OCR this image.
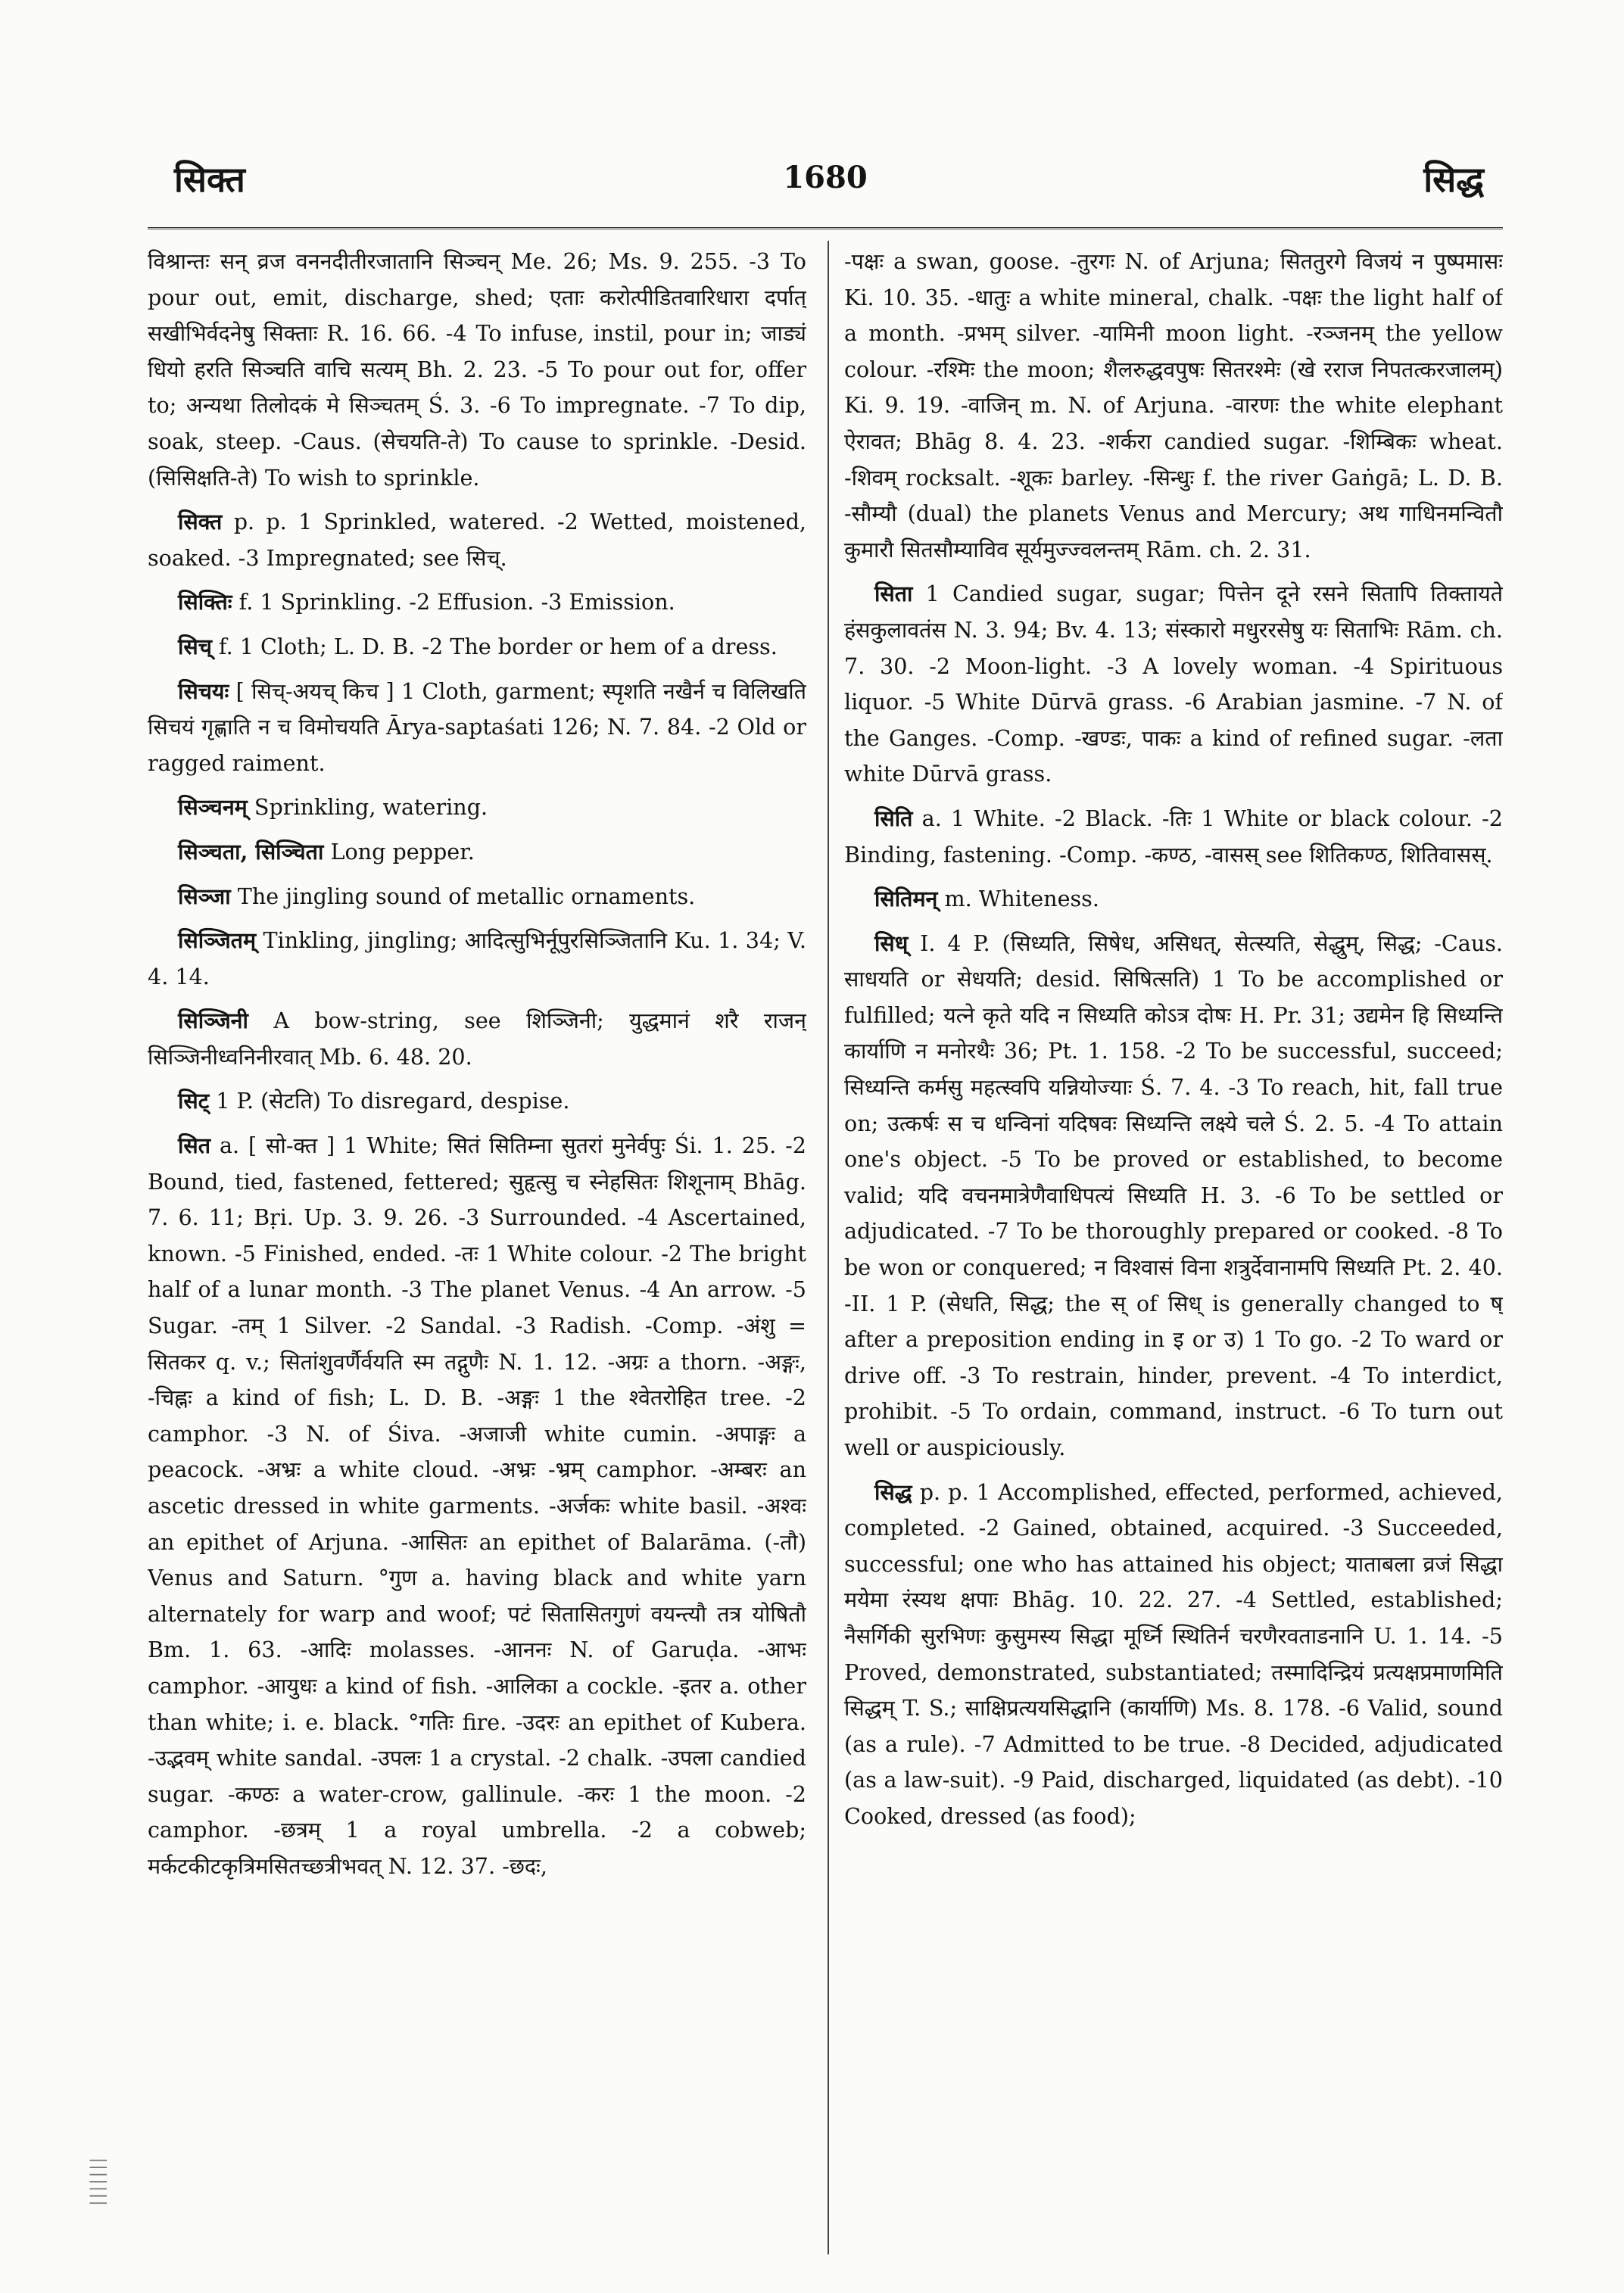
सिक्त	1680	सिद्ध

विश्रान्तः सन् व्रज वननदीतीरजातानि सिञ्चन् Me. 26; Ms. 9. 255. -3 To pour out, emit, discharge, shed; एताः करोत्पीडितवारिधारा दर्पात् सखीभिर्वदनेषु सिक्ताः R. 16. 66. -4 To infuse, instil, pour in; जाड्यं धियो हरति सिञ्चति वाचि सत्यम् Bh. 2. 23. -5 To pour out for, offer to; अन्यथा तिलोदकं मे सिञ्चतम् Ś. 3. -6 To impregnate. -7 To dip, soak, steep. -Caus. (सेचयति-ते) To cause to sprinkle. -Desid. (सिसिक्षति-ते) To wish to sprinkle.

सिक्त p. p. 1 Sprinkled, watered. -2 Wetted, moistened, soaked. -3 Impregnated; see सिच्.

सिक्तिः f. 1 Sprinkling. -2 Effusion. -3 Emission.

सिच् f. 1 Cloth; L. D. B. -2 The border or hem of a dress.

सिचयः [ सिच्-अयच् किच ] 1 Cloth, garment; स्पृशति नखैर्न च विलिखति सिचयं गृह्णाति न च विमोचयति Ārya-saptaśati 126; N. 7. 84. -2 Old or ragged raiment.

सिञ्चनम् Sprinkling, watering.

सिञ्चता, सिञ्चिता Long pepper.

सिञ्जा The jingling sound of metallic ornaments.

सिञ्जितम् Tinkling, jingling; आदित्सुभिर्नूपुरसिञ्जितानि Ku. 1. 34; V. 4. 14.

सिञ्जिनी A bow-string, see शिञ्जिनी; युद्धमानं शरै राजन् सिञ्जिनीध्वनिनीरवात् Mb. 6. 48. 20.

सिट् 1 P. (सेटति) To disregard, despise.

सित a. [ सो-क्त ] 1 White; सितं सितिम्ना सुतरां मुनेर्वपुः Śi. 1. 25. -2 Bound, tied, fastened, fettered; सुहृत्सु च स्नेहसितः शिशूनाम् Bhāg. 7. 6. 11; Bṛi. Up. 3. 9. 26. -3 Surrounded. -4 Ascertained, known. -5 Finished, ended. -तः 1 White colour. -2 The bright half of a lunar month. -3 The planet Venus. -4 An arrow. -5 Sugar. -तम् 1 Silver. -2 Sandal. -3 Radish. -Comp. -अंशु = सितकर q. v.; सितांशुवर्णैर्वयति स्म तद्गुणैः N. 1. 12. -अग्रः a thorn. -अङ्गः, -चिह्नः a kind of fish; L. D. B. -अङ्गः 1 the श्वेतरोहित tree. -2 camphor. -3 N. of Śiva. -अजाजी white cumin. -अपाङ्गः a peacock. -अभ्रः a white cloud. -अभ्रः -भ्रम् camphor. -अम्बरः an ascetic dressed in white garments. -अर्जकः white basil. -अश्वः an epithet of Arjuna. -आसितः an epithet of Balarāma. (-तौ) Venus and Saturn. °गुण a. having black and white yarn alternately for warp and woof; पटं सितासितगुणं वयन्त्यौ तत्र योषितौ Bm. 1. 63. -आदिः molasses. -आननः N. of Garuḍa. -आभः camphor. -आयुधः a kind of fish. -आलिका a cockle. -इतर a. other than white; i. e. black. °गतिः fire. -उदरः an epithet of Kubera. -उद्भवम् white sandal. -उपलः 1 a crystal. -2 chalk. -उपला candied sugar. -कण्ठः a water-crow, gallinule. -करः 1 the moon. -2 camphor. -छत्रम् 1 a royal umbrella. -2 a cobweb; मर्कटकीटकृत्रिमसितच्छत्रीभवत् N. 12. 37. -छदः,

-पक्षः a swan, goose. -तुरगः N. of Arjuna; सिततुरगे विजयं न पुष्पमासः Ki. 10. 35. -धातुः a white mineral, chalk. -पक्षः the light half of a month. -प्रभम् silver. -यामिनी moon light. -रञ्जनम् the yellow colour. -रश्मिः the moon; शैलरुद्धवपुषः सितरश्मेः (खे रराज निपतत्करजालम्) Ki. 9. 19. -वाजिन् m. N. of Arjuna. -वारणः the white elephant ऐरावत; Bhāg 8. 4. 23. -शर्करा candied sugar. -शिम्बिकः wheat. -शिवम् rocksalt. -शूकः barley. -सिन्धुः f. the river Gaṅgā; L. D. B. -सौम्यौ (dual) the planets Venus and Mercury; अथ गाधिनमन्वितौ कुमारौ सितसौम्याविव सूर्यमुज्ज्वलन्तम् Rām. ch. 2. 31.

सिता 1 Candied sugar, sugar; पित्तेन दूने रसने सितापि तिक्तायते हंसकुलावतंस N. 3. 94; Bv. 4. 13; संस्कारो मधुररसेषु यः सिताभिः Rām. ch. 7. 30. -2 Moon-light. -3 A lovely woman. -4 Spirituous liquor. -5 White Dūrvā grass. -6 Arabian jasmine. -7 N. of the Ganges. -Comp. -खण्डः, पाकः a kind of refined sugar. -लता white Dūrvā grass.

सिति a. 1 White. -2 Black. -तिः 1 White or black colour. -2 Binding, fastening. -Comp. -कण्ठ, -वासस् see शितिकण्ठ, शितिवासस्.

सितिमन् m. Whiteness.

सिध् I. 4 P. (सिध्यति, सिषेध, असिधत्, सेत्स्यति, सेद्धुम्, सिद्ध; -Caus. साधयति or सेधयति; desid. सिषित्सति) 1 To be accomplished or fulfilled; यत्ने कृते यदि न सिध्यति कोऽत्र दोषः H. Pr. 31; उद्यमेन हि सिध्यन्ति कार्याणि न मनोरथैः 36; Pt. 1. 158. -2 To be successful, succeed; सिध्यन्ति कर्मसु महत्स्वपि यन्नियोज्याः Ś. 7. 4. -3 To reach, hit, fall true on; उत्कर्षः स च धन्विनां यदिषवः सिध्यन्ति लक्ष्ये चले Ś. 2. 5. -4 To attain one's object. -5 To be proved or established, to become valid; यदि वचनमात्रेणैवाधिपत्यं सिध्यति H. 3. -6 To be settled or adjudicated. -7 To be thoroughly prepared or cooked. -8 To be won or conquered; न विश्वासं विना शत्रुर्देवानामपि सिध्यति Pt. 2. 40. -II. 1 P. (सेधति, सिद्ध; the स् of सिध् is generally changed to ष् after a preposition ending in इ or उ) 1 To go. -2 To ward or drive off. -3 To restrain, hinder, prevent. -4 To interdict, prohibit. -5 To ordain, command, instruct. -6 To turn out well or auspiciously.

सिद्ध p. p. 1 Accomplished, effected, performed, achieved, completed. -2 Gained, obtained, acquired. -3 Succeeded, successful; one who has attained his object; याताबला व्रजं सिद्धा मयेमा रंस्यथ क्षपाः Bhāg. 10. 22. 27. -4 Settled, established; नैसर्गिकी सुरभिणः कुसुमस्य सिद्धा मूर्ध्नि स्थितिर्न चरणैरवताडनानि U. 1. 14. -5 Proved, demonstrated, substantiated; तस्मादिन्द्रियं प्रत्यक्षप्रमाणमिति सिद्धम् T. S.; साक्षिप्रत्ययसिद्धानि (कार्याणि) Ms. 8. 178. -6 Valid, sound (as a rule). -7 Admitted to be true. -8 Decided, adjudicated (as a law-suit). -9 Paid, discharged, liquidated (as debt). -10 Cooked, dressed (as food);

|||||||
